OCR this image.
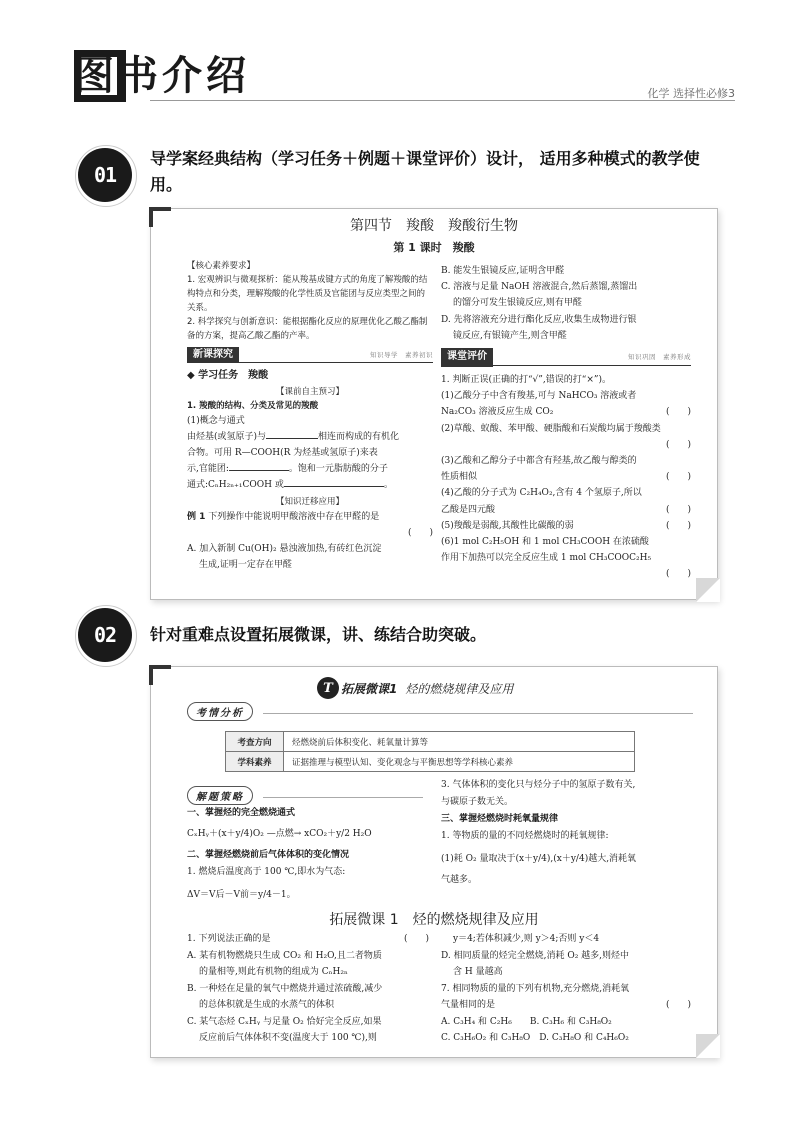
图书介绍	化学 选择性必修3
01
导学案经典结构（学习任务＋例题＋课堂评价）设计， 适用多种模式的教学使用。
第四节　羧酸　羧酸衍生物
第 1 课时　羧酸
【核心素养要求】
1. 宏观辨识与微观探析：能从羧基成键方式的角度了解羧酸的结构特点和分类，理解羧酸的化学性质及官能团与反应类型之间的关系。
2. 科学探究与创新意识：能根据酯化反应的原理优化乙酸乙酯制备的方案，提高乙酸乙酯的产率。
新课探究	知识导学　素养初识
◆ 学习任务　羧酸
【课前自主预习】
1. 羧酸的结构、分类及常见的羧酸
(1)概念与通式
由烃基(或氢原子)与	相连而构成的有机化
合物。可用 R—COOH(R 为烃基或氢原子)来表
示,官能团:	。饱和一元脂肪酸的分子
通式:CₙH₂ₙ₊₁COOH 或	。
【知识迁移应用】
例 1 下列操作中能说明甲酸溶液中存在甲醛的是
(　　)
A. 加入新制 Cu(OH)₂ 悬浊液加热,有砖红色沉淀
生成,证明一定存在甲醛
B. 能发生银镜反应,证明含甲醛
C. 溶液与足量 NaOH 溶液混合,然后蒸馏,蒸馏出
的馏分可发生银镜反应,则有甲醛
D. 先将溶液充分进行酯化反应,收集生成物进行银
镜反应,有银镜产生,则含甲醛
课堂评价	知识巩固　素养形成
1. 判断正误(正确的打“√”,错误的打“×”)。
(1)乙酸分子中含有羧基,可与 NaHCO₃ 溶液或者
Na₂CO₃ 溶液反应生成 CO₂	(　　)
(2)草酸、蚁酸、苯甲酸、硬脂酸和石炭酸均属于羧酸类
(　　)
(3)乙酸和乙醇分子中都含有羟基,故乙酸与醇类的
性质相似	(　　)
(4)乙酸的分子式为 C₂H₄O₂,含有 4 个氢原子,所以
乙酸是四元酸	(　　)
(5)羧酸是弱酸,其酸性比碳酸的弱	(　　)
(6)1 mol C₂H₅OH 和 1 mol CH₃COOH 在浓硫酸
作用下加热可以完全反应生成 1 mol CH₃COOC₂H₅
(　　)
02	针对重难点设置拓展微课，讲、练结合助突破。
T 拓展微课1 烃的燃烧规律及应用
考情分析
考查方向	烃燃烧前后体积变化、耗氧量计算等
学科素养	证据推理与模型认知、变化观念与平衡思想等学科核心素养
解题策略
一、掌握烃的完全燃烧通式
CₓHᵧ＋(x＋y/4)O₂ —点燃→ xCO₂＋y/2 H₂O
二、掌握烃燃烧前后气体体积的变化情况
1. 燃烧后温度高于 100 ℃,即水为气态:
ΔV＝V后－V前＝y/4－1。
3. 气体体积的变化只与烃分子中的氢原子数有关,
与碳原子数无关。
三、掌握烃燃烧时耗氧量规律
1. 等物质的量的不同烃燃烧时的耗氧规律:
(1)耗 O₂ 量取决于(x＋y/4),(x＋y/4)越大,消耗氧
气越多。
拓展微课 1　烃的燃烧规律及应用
1. 下列说法正确的是	(　　)
A. 某有机物燃烧只生成 CO₂ 和 H₂O,且二者物质
的量相等,则此有机物的组成为 CₙH₂ₙ
B. 一种烃在足量的氧气中燃烧并通过浓硫酸,减少
的总体积就是生成的水蒸气的体积
C. 某气态烃 CₓHᵧ 与足量 O₂ 恰好完全反应,如果
反应前后气体体积不变(温度大于 100 ℃),则
y＝4;若体积减少,则 y＞4;否则 y＜4
D. 相同质量的烃完全燃烧,消耗 O₂ 越多,则烃中
含 H 量越高
7. 相同物质的量的下列有机物,充分燃烧,消耗氧
气量相同的是	(　　)
A. C₃H₄ 和 C₂H₆　　B. C₃H₆ 和 C₃H₈O₂
C. C₃H₆O₂ 和 C₃H₈O　D. C₃H₈O 和 C₄H₆O₂
